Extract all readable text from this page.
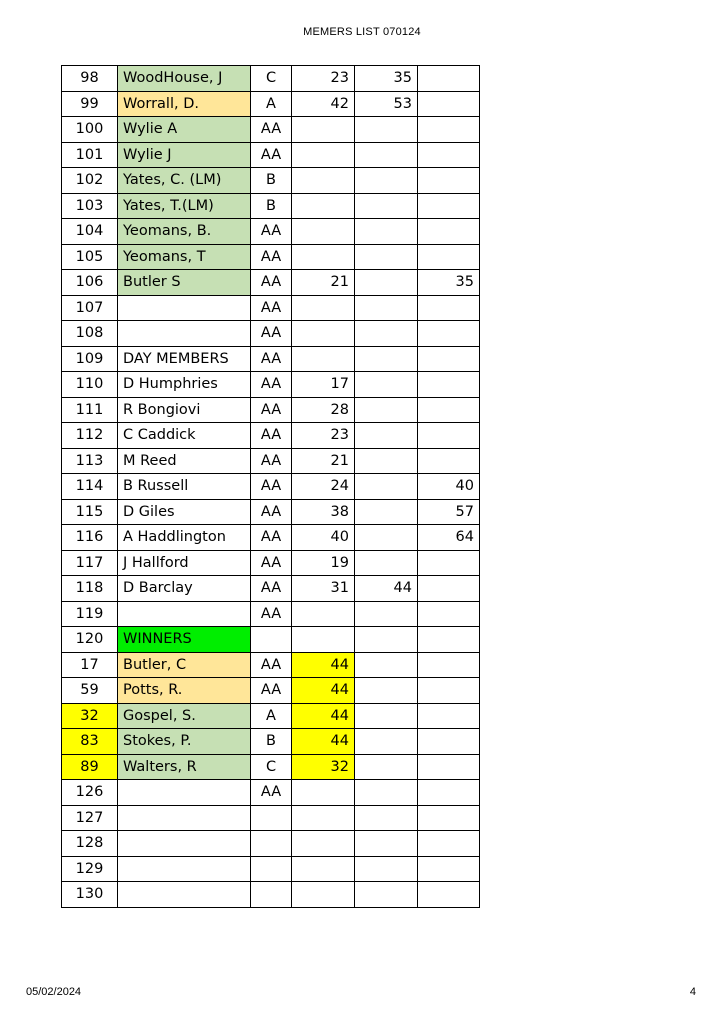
MEMERS LIST 070124
98	WoodHouse, J	C	23	35	
99	Worrall, D.	A	42	53	
100	Wylie A	AA			
101	Wylie J	AA			
102	Yates, C. (LM)	B			
103	Yates, T.(LM)	B			
104	Yeomans, B.	AA			
105	Yeomans, T	AA			
106	Butler S	AA	21		35
107		AA			
108		AA			
109	DAY MEMBERS	AA			
110	D Humphries	AA	17		
111	R Bongiovi	AA	28		
112	C Caddick	AA	23		
113	M Reed	AA	21		
114	B Russell	AA	24		40
115	D Giles	AA	38		57
116	A Haddlington	AA	40		64
117	J Hallford	AA	19		
118	D Barclay	AA	31	44	
119		AA			
120	WINNERS				
17	Butler, C	AA	44		
59	Potts, R.	AA	44		
32	Gospel, S.	A	44		
83	Stokes, P.	B	44		
89	Walters, R	C	32		
126		AA			
127					
128					
129					
130					
05/02/2024	4
